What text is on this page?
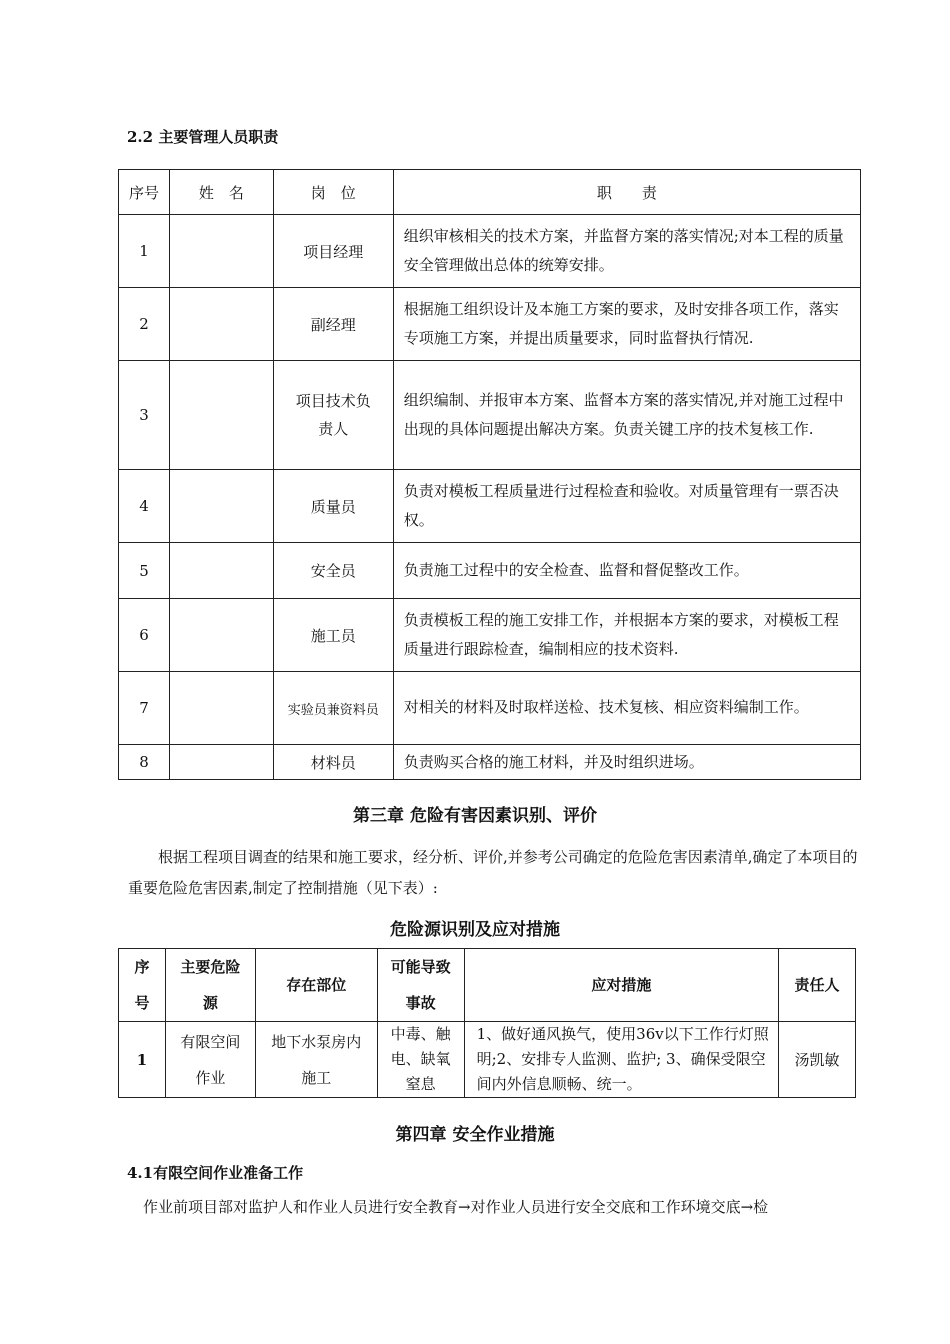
2.2 主要管理人员职责
序号	姓　名	岗　位	职　　责
1		项目经理	组织审核相关的技术方案，并监督方案的落实情况;对本工程的质量安全管理做出总体的统筹安排。
2		副经理	根据施工组织设计及本施工方案的要求，及时安排各项工作，落实专项施工方案，并提出质量要求，同时监督执行情况.
3		项目技术负责人	组织编制、并报审本方案、监督本方案的落实情况,并对施工过程中出现的具体问题提出解决方案。负责关键工序的技术复核工作.
4		质量员	负责对模板工程质量进行过程检查和验收。对质量管理有一票否决权。
5		安全员	负责施工过程中的安全检查、监督和督促整改工作。
6		施工员	负责模板工程的施工安排工作，并根据本方案的要求，对模板工程质量进行跟踪检查，编制相应的技术资料.
7		实验员兼资料员	对相关的材料及时取样送检、技术复核、相应资料编制工作。
8		材料员	负责购买合格的施工材料，并及时组织进场。
第三章 危险有害因素识别、评价
根据工程项目调查的结果和施工要求，经分析、评价,并参考公司确定的危险危害因素清单,确定了本项目的重要危险危害因素,制定了控制措施（见下表）:
危险源识别及应对措施
序号	主要危险源	存在部位	可能导致事故	应对措施	责任人
1	有限空间作业	地下水泵房内施工	中毒、触电、缺氧窒息	1、做好通风换气，使用36v以下工作行灯照明;2、安排专人监测、监护; 3、确保受限空间内外信息顺畅、统一。	汤凯敏
第四章 安全作业措施
4.1有限空间作业准备工作
作业前项目部对监护人和作业人员进行安全教育→对作业人员进行安全交底和工作环境交底→检
